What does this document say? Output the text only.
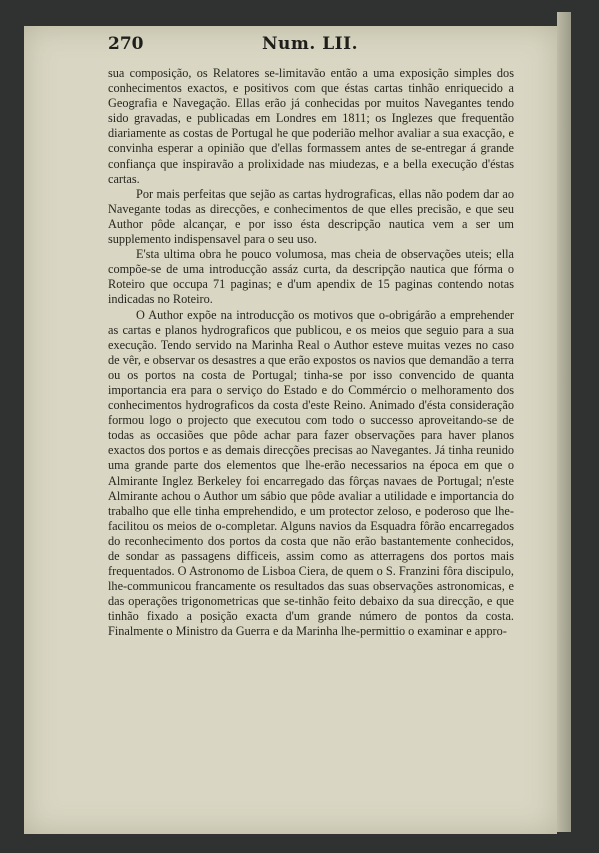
270	Num. LII.

sua composição, os Relatores se-limitavão então a uma exposição simples dos conhecimentos exactos, e positivos com que éstas cartas tinhão enriquecido a Geografia e Navegação. Ellas erão já conhecidas por muitos Navegantes tendo sido gravadas, e publicadas em Londres em 1811; os Inglezes que frequentão diariamente as costas de Portugal he que poderião melhor avaliar a sua exacção, e convinha esperar a opinião que d'ellas formassem antes de se-entregar á grande confiança que inspiravão a prolixidade nas miudezas, e a bella execução d'éstas cartas.

Por mais perfeitas que sejão as cartas hydrograficas, ellas não podem dar ao Navegante todas as direcções, e conhecimentos de que elles precisão, e que seu Author pôde alcançar, e por isso ésta descripção nautica vem a ser um supplemento indispensavel para o seu uso.

E'sta ultima obra he pouco volumosa, mas cheia de observações uteis; ella compõe-se de uma introducção assáz curta, da descripção nautica que fórma o Roteiro que occupa 71 paginas; e d'um apendix de 15 paginas contendo notas indicadas no Roteiro.

O Author expõe na introducção os motivos que o-obrigárão a emprehender as cartas e planos hydrograficos que publicou, e os meios que seguio para a sua execução. Tendo servido na Marinha Real o Author esteve muitas vezes no caso de vêr, e observar os desastres a que erão expostos os navios que demandão a terra ou os portos na costa de Portugal; tinha-se por isso convencido de quanta importancia era para o serviço do Estado e do Commércio o melhoramento dos conhecimentos hydrograficos da costa d'este Reino. Animado d'ésta consideração formou logo o projecto que executou com todo o successo aproveitando-se de todas as occasiões que pôde achar para fazer observações para haver planos exactos dos portos e as demais direcções precisas ao Navegantes. Já tinha reunido uma grande parte dos elementos que lhe-erão necessarios na época em que o Almirante Inglez Berkeley foi encarregado das fôrças navaes de Portugal; n'este Almirante achou o Author um sábio que pôde avaliar a utilidade e importancia do trabalho que elle tinha emprehendido, e um protector zeloso, e poderoso que lhe-facilitou os meios de o-completar. Alguns navios da Esquadra fôrão encarregados do reconhecimento dos portos da costa que não erão bastantemente conhecidos, de sondar as passagens difficeis, assim como as atterragens dos portos mais frequentados. O Astronomo de Lisboa Ciera, de quem o S. Franzini fôra discipulo, lhe-communicou francamente os resultados das suas observações astronomicas, e das operações trigonometricas que se-tinhão feito debaixo da sua direcção, e que tinhão fixado a posição exacta d'um grande número de pontos da costa. Finalmente o Ministro da Guerra e da Marinha lhe-permittio o examinar e appro-
